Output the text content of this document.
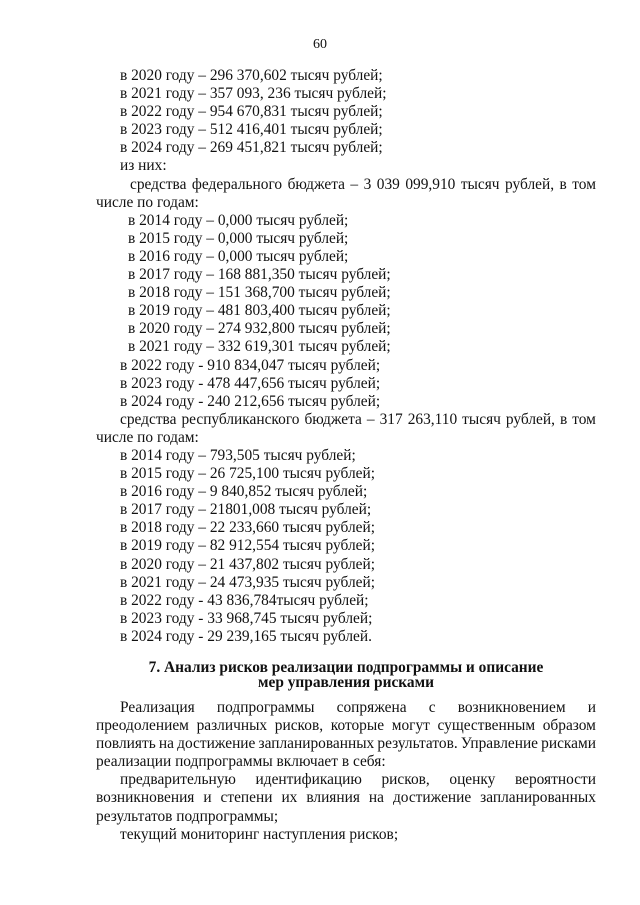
60
в 2020 году – 296 370,602 тысяч рублей;
в 2021 году – 357 093, 236 тысяч рублей;
в 2022 году – 954 670,831 тысяч рублей;
в 2023 году – 512 416,401 тысяч рублей;
в 2024 году – 269 451,821 тысяч рублей;
из них:
средства федерального бюджета – 3 039 099,910 тысяч рублей, в том
числе по годам:
в 2014 году – 0,000 тысяч рублей;
в 2015 году – 0,000 тысяч рублей;
в 2016 году – 0,000 тысяч рублей;
в 2017 году – 168 881,350 тысяч рублей;
в 2018 году – 151 368,700 тысяч рублей;
в 2019 году – 481 803,400 тысяч рублей;
в 2020 году – 274 932,800 тысяч рублей;
в 2021 году – 332 619,301 тысяч рублей;
в 2022 году - 910 834,047 тысяч рублей;
в 2023 году - 478 447,656 тысяч рублей;
в 2024 году - 240 212,656 тысяч рублей;
средства республиканского бюджета – 317 263,110 тысяч рублей, в том
числе по годам:
в 2014 году – 793,505 тысяч рублей;
в 2015 году – 26 725,100 тысяч рублей;
в 2016 году – 9 840,852 тысяч рублей;
в 2017 году – 21801,008 тысяч рублей;
в 2018 году – 22 233,660 тысяч рублей;
в 2019 году – 82 912,554 тысяч рублей;
в 2020 году – 21 437,802 тысяч рублей;
в 2021 году – 24 473,935 тысяч рублей;
в 2022 году - 43 836,784тысяч рублей;
в 2023 году - 33 968,745 тысяч рублей;
в 2024 году - 29 239,165 тысяч рублей.
7. Анализ рисков реализации подпрограммы и описание
мер управления рисками
Реализация подпрограммы сопряжена с возникновением и
преодолением различных рисков, которые могут существенным образом
повлиять на достижение запланированных результатов. Управление рисками
реализации подпрограммы включает в себя:
предварительную идентификацию рисков, оценку вероятности
возникновения и степени их влияния на достижение запланированных
результатов подпрограммы;
текущий мониторинг наступления рисков;
